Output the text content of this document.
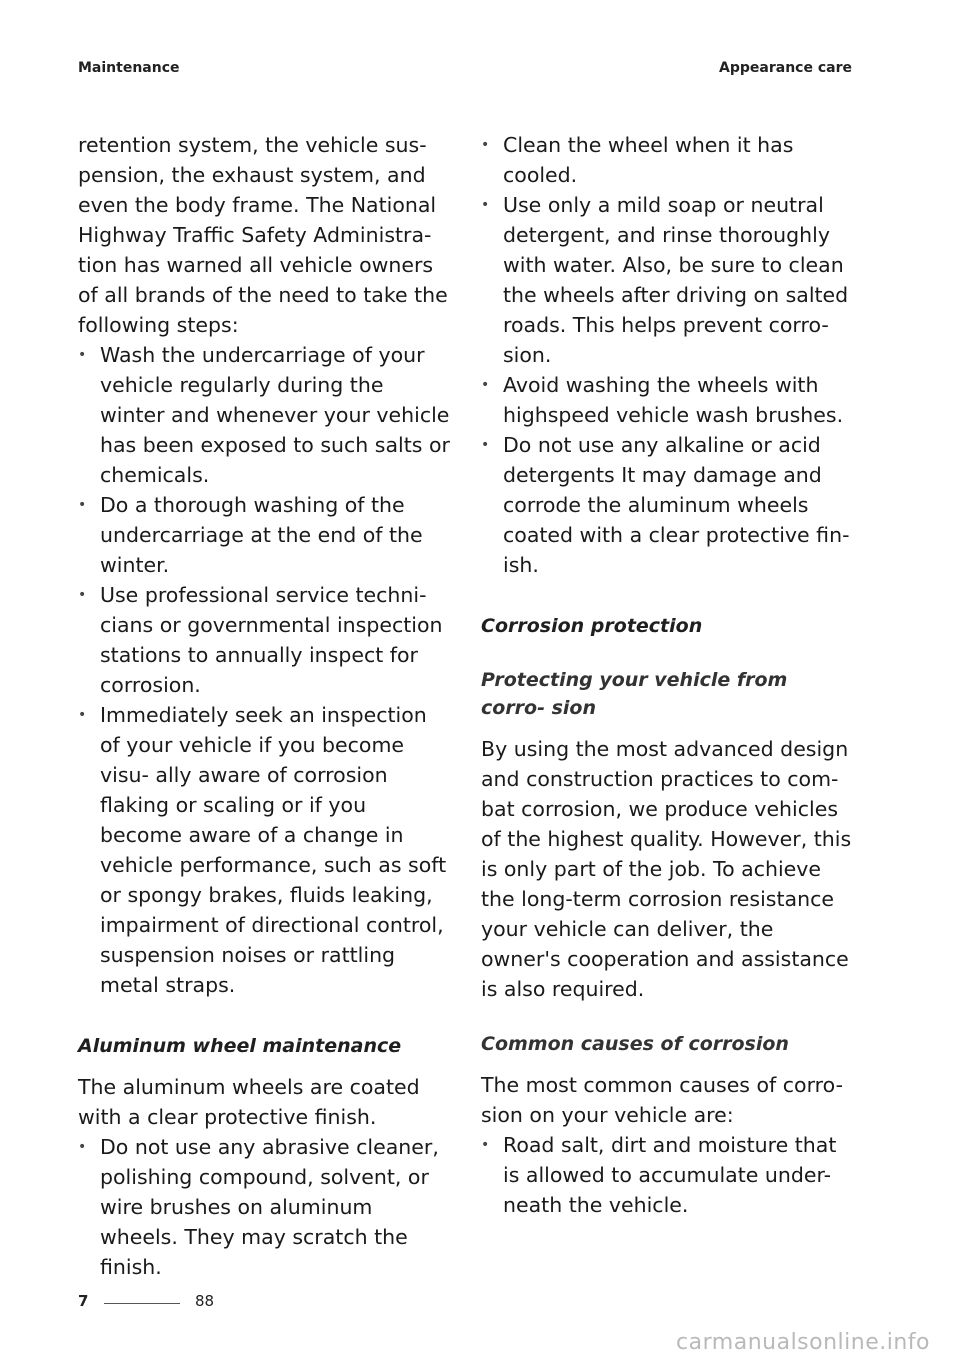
Maintenance	Appearance care

retention system, the vehicle sus- pension, the exhaust system, and even the body frame. The National Highway Traffic Safety Administra- tion has warned all vehicle owners of all brands of the need to take the following steps:

• Wash the undercarriage of your vehicle regularly during the winter and whenever your vehicle has been exposed to such salts or chemicals.
• Do a thorough washing of the undercarriage at the end of the winter.
• Use professional service techni- cians or governmental inspection stations to annually inspect for corrosion.
• Immediately seek an inspection of your vehicle if you become visu- ally aware of corrosion flaking or scaling or if you become aware of a change in vehicle performance, such as soft or spongy brakes, fluids leaking, impairment of directional control, suspension noises or rattling metal straps.
Aluminum wheel maintenance

The aluminum wheels are coated with a clear protective finish.

• Do not use any abrasive cleaner, polishing compound, solvent, or wire brushes on aluminum wheels. They may scratch the finish.
• Clean the wheel when it has cooled.
• Use only a mild soap or neutral detergent, and rinse thoroughly with water. Also, be sure to clean the wheels after driving on salted roads. This helps prevent corro- sion.
• Avoid washing the wheels with highspeed vehicle wash brushes.
• Do not use any alkaline or acid detergents It may damage and corrode the aluminum wheels coated with a clear protective fin- ish.
Corrosion protection
Protecting your vehicle from corro- sion

By using the most advanced design and construction practices to com- bat corrosion, we produce vehicles of the highest quality. However, this is only part of the job. To achieve the long-term corrosion resistance your vehicle can deliver, the owner's cooperation and assistance is also required.

Common causes of corrosion

The most common causes of corro- sion on your vehicle are:

• Road salt, dirt and moisture that is allowed to accumulate under- neath the vehicle.
7	88
carmanualsonline.info
